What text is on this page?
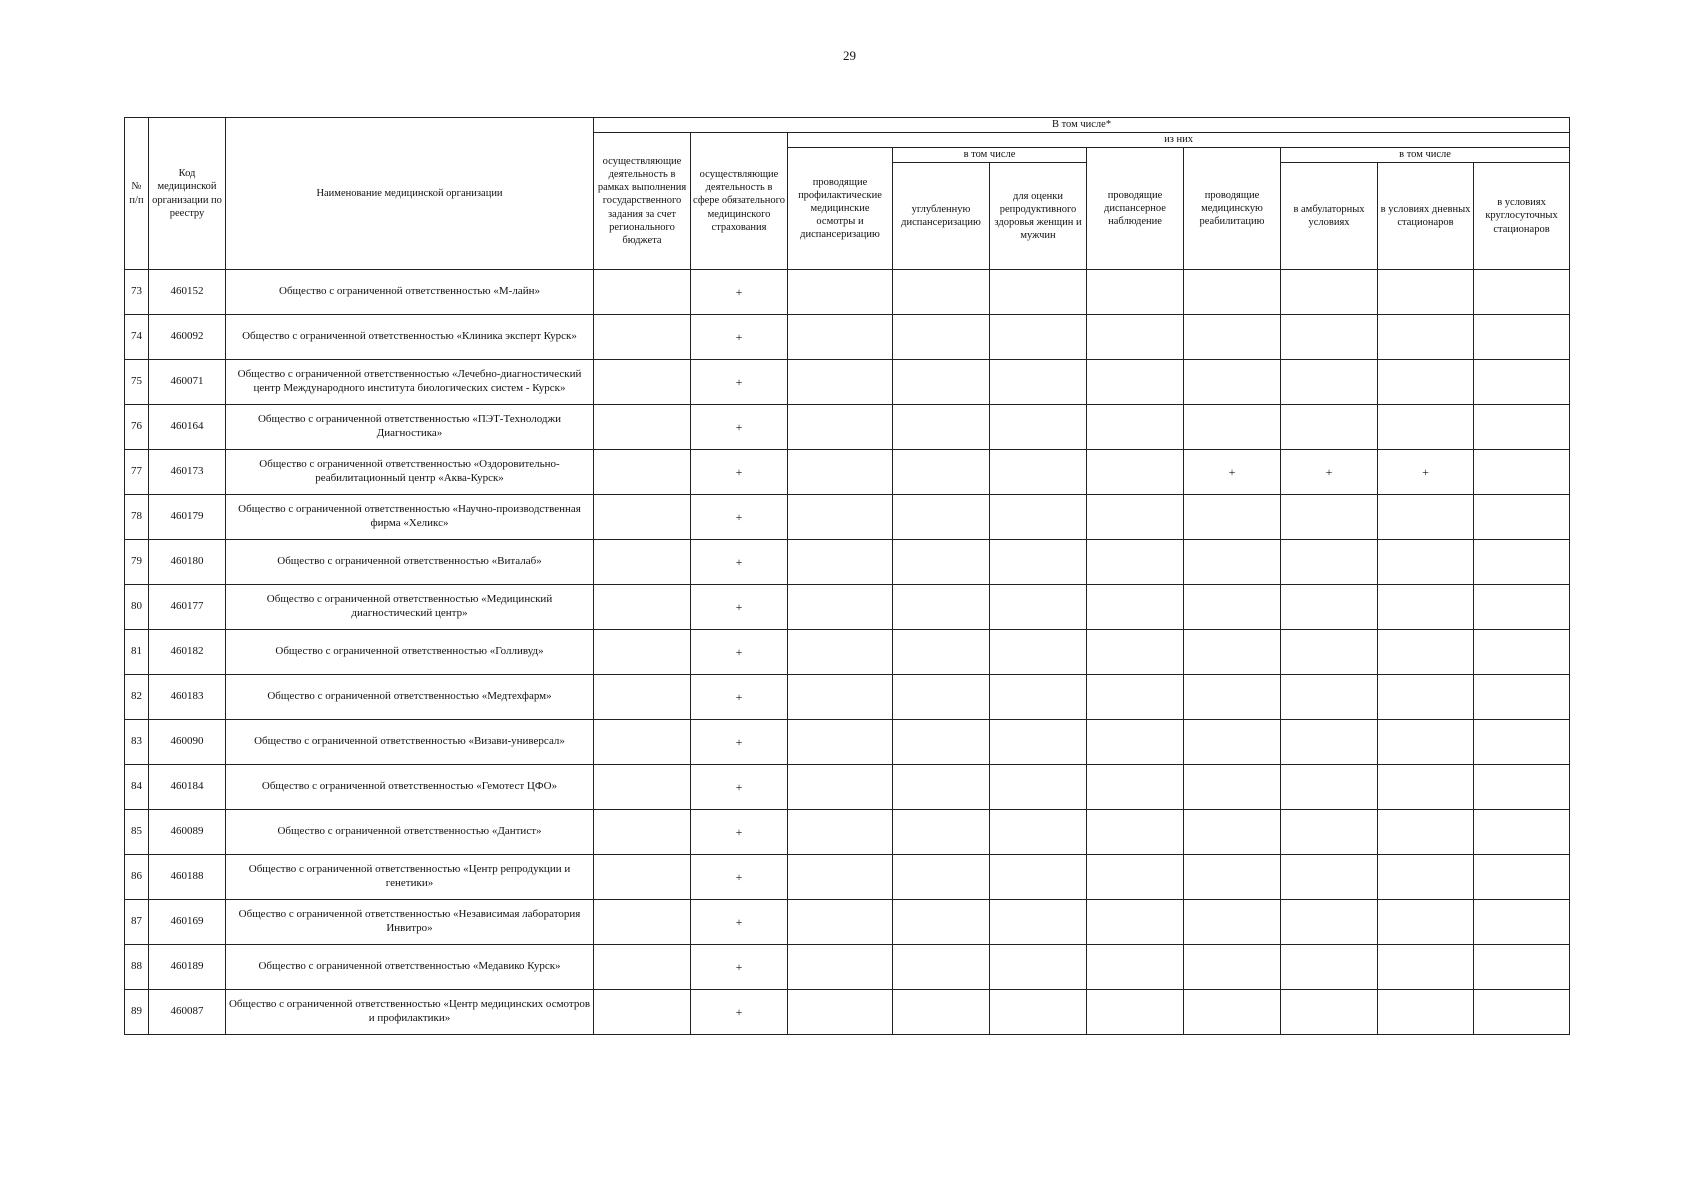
29
№ п/п	Код медицинской организации по реестру	Наименование медицинской организации	В том числе*									
			осуществляющие деятельность в рамках выполнения государственного задания за счет регионального бюджета	осуществляющие деятельность в сфере обязательного медицинского страхования	из них							
					проводящие профилактические медицинские осмотры и диспансеризацию	в том числе		проводящие диспансерное наблюдение	проводящие медицинскую реабилитацию	в том числе		
						углубленную диспансеризацию	для оценки репродуктивного здоровья женщин и мужчин			в амбулаторных условиях	в условиях дневных стационаров	в условиях круглосуточных стационаров
73	460152	Общество с ограниченной ответственностью «М-лайн»		+								
74	460092	Общество с ограниченной ответственностью «Клиника эксперт Курск»		+								
75	460071	Общество с ограниченной ответственностью «Лечебно-диагностический центр Международного института биологических систем - Курск»		+								
76	460164	Общество с ограниченной ответственностью «ПЭТ-Технолоджи Диагностика»		+								
77	460173	Общество с ограниченной ответственностью «Оздоровительно-реабилитационный центр «Аква-Курск»		+					+	+	+	
78	460179	Общество с ограниченной ответственностью «Научно-производственная фирма «Хеликс»		+								
79	460180	Общество с ограниченной ответственностью «Виталаб»		+								
80	460177	Общество с ограниченной ответственностью «Медицинский диагностический центр»		+								
81	460182	Общество с ограниченной ответственностью «Голливуд»		+								
82	460183	Общество с ограниченной ответственностью «Медтехфарм»		+								
83	460090	Общество с ограниченной ответственностью «Визави-универсал»		+								
84	460184	Общество с ограниченной ответственностью «Гемотест ЦФО»		+								
85	460089	Общество с ограниченной ответственностью «Дантист»		+								
86	460188	Общество с ограниченной ответственностью «Центр репродукции и генетики»		+								
87	460169	Общество с ограниченной ответственностью «Независимая лаборатория Инвитро»		+								
88	460189	Общество с ограниченной ответственностью «Медавико Курск»		+								
89	460087	Общество с ограниченной ответственностью «Центр медицинских осмотров и профилактики»		+								
